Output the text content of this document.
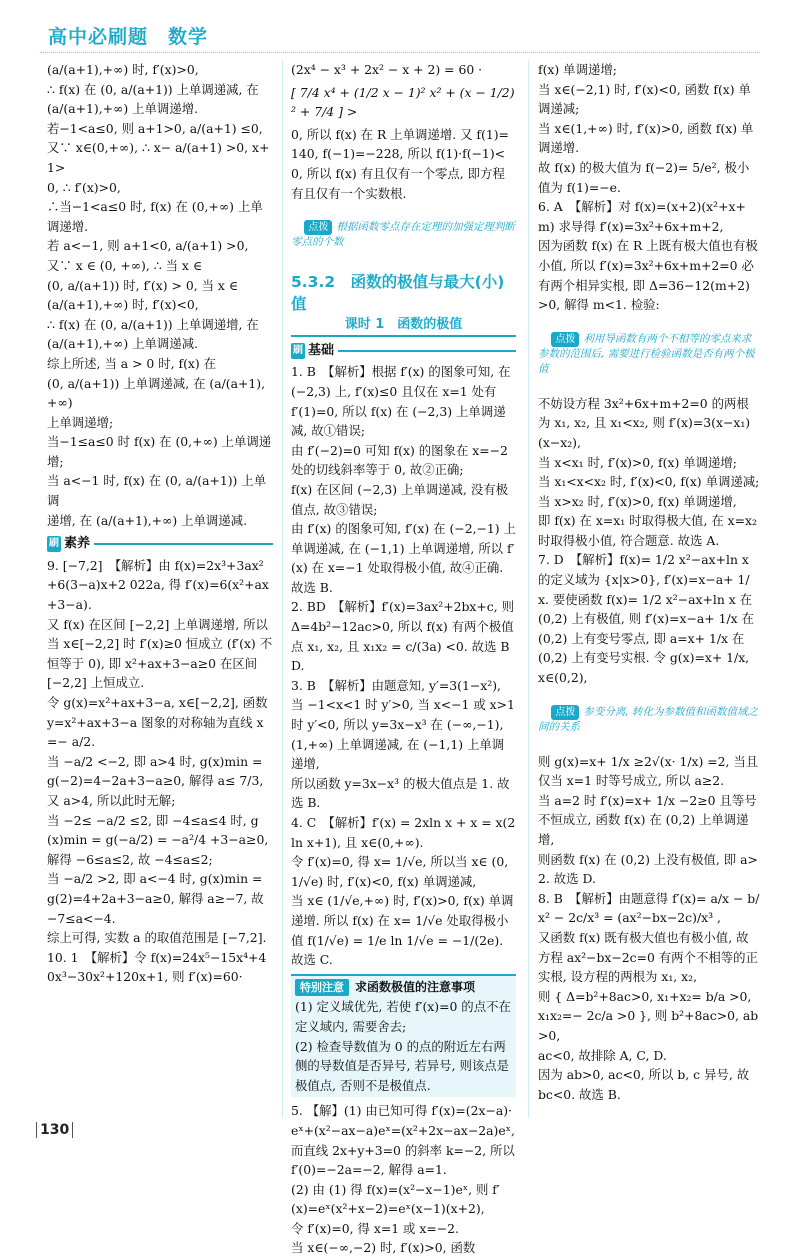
高中必刷题　数学

(a/(a+1),+∞) 时, f′(x)>0,

∴ f(x) 在 (0, a/(a+1)) 上单调递减, 在

(a/(a+1),+∞) 上单调递增.

若−1<a≤0, 则 a+1>0, a/(a+1) ≤0,

又∵ x∈(0,+∞), ∴ x− a/(a+1) >0, x+1>

0, ∴ f′(x)>0,

∴当−1<a≤0 时, f(x) 在 (0,+∞) 上单调递增.

若 a<−1, 则 a+1<0, a/(a+1) >0,

又∵ x ∈ (0, +∞), ∴ 当 x ∈

(0, a/(a+1)) 时, f′(x) > 0, 当 x ∈

(a/(a+1),+∞) 时, f′(x)<0,

∴ f(x) 在 (0, a/(a+1)) 上单调递增, 在

(a/(a+1),+∞) 上单调递减.

综上所述, 当 a > 0 时, f(x) 在

(0, a/(a+1)) 上单调递减, 在 (a/(a+1),+∞)

上单调递增;

当−1≤a≤0 时 f(x) 在 (0,+∞) 上单调递增;

当 a<−1 时, f(x) 在 (0, a/(a+1)) 上单调

递增, 在 (a/(a+1),+∞) 上单调递减.

刷 素养

9. [−7,2]　【解析】由 f(x)=2x³+3ax²+6(3−a)x+2 022a, 得 f′(x)=6(x²+ax+3−a).

又 f(x) 在区间 [−2,2] 上单调递增, 所以当 x∈[−2,2] 时 f′(x)≥0 恒成立 (f′(x) 不恒等于 0), 即 x²+ax+3−a≥0 在区间 [−2,2] 上恒成立.

令 g(x)=x²+ax+3−a, x∈[−2,2], 函数 y=x²+ax+3−a 图象的对称轴为直线 x=− a/2.

当 −a/2 <−2, 即 a>4 时, g(x)min = g(−2)=4−2a+3−a≥0, 解得 a≤ 7/3,

又 a>4, 所以此时无解;

当 −2≤ −a/2 ≤2, 即 −4≤a≤4 时, g(x)min = g(−a/2) = −a²/4 +3−a≥0, 解得 −6≤a≤2, 故 −4≤a≤2;

当 −a/2 >2, 即 a<−4 时, g(x)min = g(2)=4+2a+3−a≥0, 解得 a≥−7, 故 −7≤a<−4.

综上可得, 实数 a 的取值范围是 [−7,2].

10. 1　【解析】令 f(x)=24x⁵−15x⁴+40x³−30x²+120x+1, 则 f′(x)=60·

(2x⁴ − x³ + 2x² − x + 2) = 60 ·

[ 7/4 x⁴ + (1/2 x − 1)² x² + (x − 1/2)² + 7/4 ] >

0, 所以 f(x) 在 R 上单调递增. 又 f(1)=140, f(−1)=−228, 所以 f(1)·f(−1)<0, 所以 f(x) 有且仅有一个零点, 即方程有且仅有一个实数根.

点拨 根据函数零点存在定理的加强定理判断零点的个数

5.3.2　函数的极值与最大(小)值

课时 1　函数的极值

刷 基础

1. B　【解析】根据 f′(x) 的图象可知, 在 (−2,3) 上, f′(x)≤0 且仅在 x=1 处有 f′(1)=0, 所以 f(x) 在 (−2,3) 上单调递减, 故①错误;

由 f′(−2)=0 可知 f(x) 的图象在 x=−2 处的切线斜率等于 0, 故②正确;

f(x) 在区间 (−2,3) 上单调递减, 没有极值点, 故③错误;

由 f′(x) 的图象可知, f′(x) 在 (−2,−1) 上单调递减, 在 (−1,1) 上单调递增, 所以 f′(x) 在 x=−1 处取得极小值, 故④正确. 故选 B.

2. BD　【解析】f′(x)=3ax²+2bx+c, 则 Δ=4b²−12ac>0, 所以 f(x) 有两个极值点 x₁, x₂, 且 x₁x₂ = c/(3a) <0. 故选 BD.

3. B　【解析】由题意知, y′=3(1−x²), 当 −1<x<1 时 y′>0, 当 x<−1 或 x>1 时 y′<0, 所以 y=3x−x³ 在 (−∞,−1), (1,+∞) 上单调递减, 在 (−1,1) 上单调递增,

所以函数 y=3x−x³ 的极大值点是 1. 故选 B.

4. C　【解析】f′(x) = 2xln x + x = x(2ln x+1), 且 x∈(0,+∞).

令 f′(x)=0, 得 x= 1/√e, 所以当 x∈ (0, 1/√e) 时, f′(x)<0, f(x) 单调递减,

当 x∈ (1/√e,+∞) 时, f′(x)>0, f(x) 单调递增. 所以 f(x) 在 x= 1/√e 处取得极小值 f(1/√e) = 1/e ln 1/√e = −1/(2e). 故选 C.

特别注意 求函数极值的注意事项

(1) 定义域优先, 若使 f′(x)=0 的点不在定义域内, 需要舍去;

(2) 检查导数值为 0 的点的附近左右两侧的导数值是否异号, 若异号, 则该点是极值点, 否则不是极值点.

5. 【解】(1) 由已知可得 f′(x)=(2x−a)·eˣ+(x²−ax−a)eˣ=(x²+2x−ax−2a)eˣ,

而直线 2x+y+3=0 的斜率 k=−2, 所以 f′(0)=−2a=−2, 解得 a=1.

(2) 由 (1) 得 f(x)=(x²−x−1)eˣ, 则 f′(x)=eˣ(x²+x−2)=eˣ(x−1)(x+2),

令 f′(x)=0, 得 x=1 或 x=−2.

当 x∈(−∞,−2) 时, f′(x)>0, 函数

f(x) 单调递增;

当 x∈(−2,1) 时, f′(x)<0, 函数 f(x) 单调递减;

当 x∈(1,+∞) 时, f′(x)>0, 函数 f(x) 单调递增.

故 f(x) 的极大值为 f(−2)= 5/e², 极小值为 f(1)=−e.

6. A　【解析】对 f(x)=(x+2)(x²+x+m) 求导得 f′(x)=3x²+6x+m+2,

因为函数 f(x) 在 R 上既有极大值也有极小值, 所以 f′(x)=3x²+6x+m+2=0 必有两个相异实根, 即 Δ=36−12(m+2)>0, 解得 m<1. 检验:

点拨 利用导函数有两个不相等的零点来求参数的范围后, 需要进行检验函数是否有两个极值

不妨设方程 3x²+6x+m+2=0 的两根为 x₁, x₂, 且 x₁<x₂, 则 f′(x)=3(x−x₁)(x−x₂),

当 x<x₁ 时, f′(x)>0, f(x) 单调递增;

当 x₁<x<x₂ 时, f′(x)<0, f(x) 单调递减;

当 x>x₂ 时, f′(x)>0, f(x) 单调递增,

即 f(x) 在 x=x₁ 时取得极大值, 在 x=x₂ 时取得极小值, 符合题意. 故选 A.

7. D　【解析】f(x)= 1/2 x²−ax+ln x 的定义域为 {x|x>0}, f′(x)=x−a+ 1/x. 要使函数 f(x)= 1/2 x²−ax+ln x 在 (0,2) 上有极值, 则 f′(x)=x−a+ 1/x 在 (0,2) 上有变号零点, 即 a=x+ 1/x 在 (0,2) 上有变号实根. 令 g(x)=x+ 1/x, x∈(0,2),

点拨 参变分离, 转化为参数值和函数值域之间的关系

则 g(x)=x+ 1/x ≥2√(x· 1/x) =2, 当且仅当 x=1 时等号成立, 所以 a≥2.

当 a=2 时 f′(x)=x+ 1/x −2≥0 且等号不恒成立, 函数 f(x) 在 (0,2) 上单调递增,

则函数 f(x) 在 (0,2) 上没有极值, 即 a>2. 故选 D.

8. B　【解析】由题意得 f′(x)= a/x − b/x² − 2c/x³ = (ax²−bx−2c)/x³ ,

又函数 f(x) 既有极大值也有极小值, 故方程 ax²−bx−2c=0 有两个不相等的正实根, 设方程的两根为 x₁, x₂,

则 { Δ=b²+8ac>0, x₁+x₂= b/a >0, x₁x₂=− 2c/a >0 }, 则 b²+8ac>0, ab>0,

ac<0, 故排除 A, C, D.

因为 ab>0, ac<0, 所以 b, c 异号, 故 bc<0. 故选 B.

130
